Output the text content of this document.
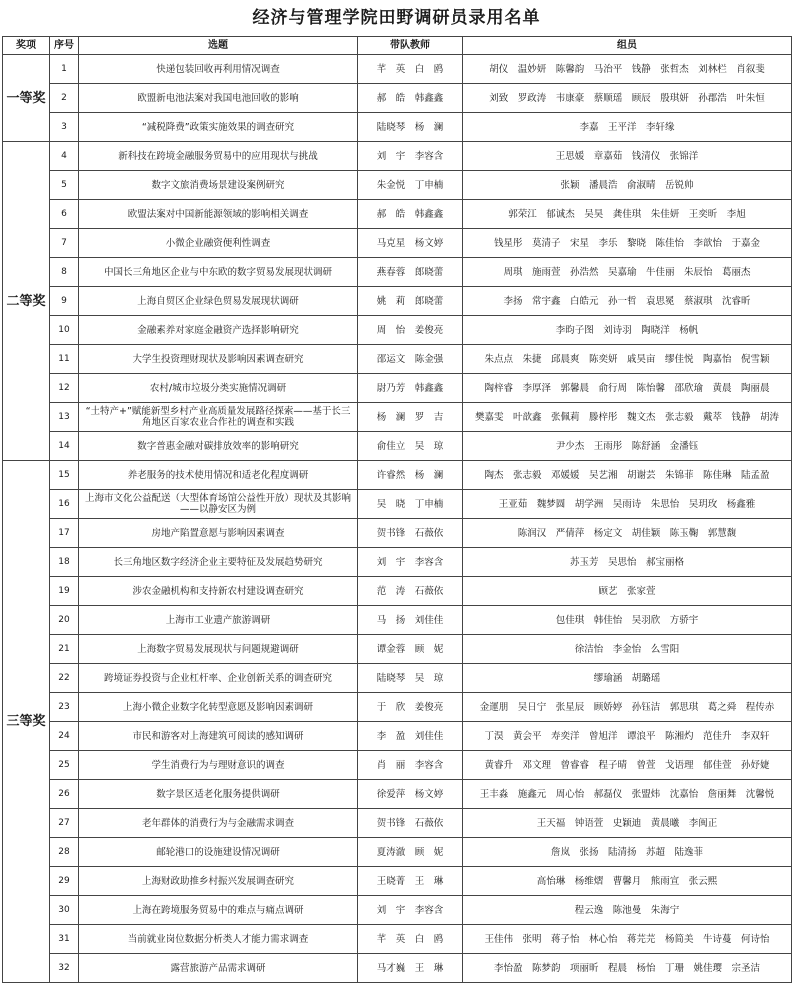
经济与管理学院田野调研员录用名单
奖项	序号	选题	带队教师	组员
一等奖	1	快递包装回收再利用情况调查	芊　英　白　鸥	胡仪　温妙妍　陈馨韵　马治平　钱静　张哲杰　刘林栏　肖叙斐
	2	欧盟新电池法案对我国电池回收的影响	郝　皓　韩鑫鑫	刘致　罗政涛　韦康豪　蔡顺瑶　顾辰　殷琪妍　孙郡浩　叶朱恒
	3	“减税降费”政策实施效果的调查研究	陆晓琴　杨　澜	李嘉　王平洋　李轩缘
二等奖	4	新科技在跨境金融服务贸易中的应用现状与挑战	刘　宇　李容含	王思媛　章嘉茹　钱清仪　张锦洋
	5	数字文旅消费场景建设案例研究	朱金悦　丁申楠	张颖　潘晨浩　俞淑晴　岳锐帅
	6	欧盟法案对中国新能源领域的影响相关调查	郝　皓　韩鑫鑫	郭荣江　郁诚杰　吴昊　龚佳琪　朱佳妍　王奕昕　李旭
	7	小微企业融资便利性调查	马克星　杨文婷	钱星彤　莫清子　宋星　李乐　黎晓　陈佳怡　李歆怡　于嘉金
	8	中国长三角地区企业与中东欧的数字贸易发展现状调研	燕春蓉　郎晓蕾	周琪　施雨萱　孙浩然　吴嘉瑜　牛佳丽　朱辰怡　葛丽杰
	9	上海自贸区企业绿色贸易发展现状调研	姚　莉　郎晓蕾	李扬　常宇鑫　白皓元　孙一哲　袁思冕　蔡淑琪　沈睿昕
	10	金融素养对家庭金融资产选择影响研究	周　怡　姜俊亮	李昀子图　刘诗羽　陶晓洋　杨帆
	11	大学生投资理财现状及影响因素调查研究	邵运文　陈金强	朱点点　朱捷　邱晨爽　陈奕妍　戚昊亩　缪佳悦　陶嘉怡　倪雪颖
	12	农村/城市垃圾分类实施情况调研	尉乃芳　韩鑫鑫	陶梓睿　李厚泽　郭馨晨　俞行周　陈怡馨　邵欣瑜　黄晨　陶丽晨
	13	“土特产+”赋能新型乡村产业高质量发展路径探索——基于长三角地区百家农业合作社的调查和实践	杨　澜　罗　吉	樊嘉雯　叶歆鑫　张佩莉　滕梓彤　魏文杰　张志毅　戴萃　钱静　胡涛
	14	数字普惠金融对碳排放效率的影响研究	俞佳立　吴　琼	尹少杰　王雨彤　陈舒涵　金潘钰
三等奖	15	养老服务的技术使用情况和适老化程度调研	许睿然　杨　澜	陶杰　张志毅　邓媛媛　吴艺湘　胡谢芸　朱锦菲　陈佳琳　陆孟盈
	16	上海市文化公益配送（大型体育场馆公益性开放）现状及其影响——以静安区为例	吴　晓　丁申楠	王亚茹　魏梦圆　胡学洲　吴雨诗　朱思怡　吴玥玫　杨鑫雅
	17	房地产陷置意愿与影响因素调查	贺书锋　石薇依	陈润汉　严倩萍　杨定文　胡佳颖　陈玉鞠　郭慧馥
	18	长三角地区数字经济企业主要特征及发展趋势研究	刘　宇　李容含	苏玉芳　吴思怡　郝宝丽格
	19	涉农金融机构和支持新农村建设调查研究	范　涛　石薇依	顾艺　张家萱
	20	上海市工业遗产旅游调研	马　扬　刘佳佳	包佳琪　韩佳怡　吴羽欣　方骄宇
	21	上海数字贸易发展现状与问题规避调研	谭金蓉　顾　妮	徐洁怡　李金怡　么雪阳
	22	跨境证券投资与企业杠杆率、企业创新关系的调查研究	陆晓琴　吴　琼	缪瑜涵　胡璐瑶
	23	上海小微企业数字化转型意愿及影响因素调研	于　欣　姜俊亮	金運朋　吴日宁　张星辰　顾娇婷　孙钰洁　郭思琪　葛之舜　程传赤
	24	市民和游客对上海建筑可阅读的感知调研	李　盈　刘佳佳	丁淏　黄会平　寿奕洋　曾旭洋　谭浪平　陈湘灼　范佳升　李双轩
	25	学生消费行为与理财意识的调查	肖　丽　李容含	黄睿升　邓文理　曾睿睿　程子晴　曾萱　戈语理　郁佳萱　孙妤婕
	26	数字景区适老化服务提供调研	徐爱萍　杨文婷	王丰淼　施鑫元　周心怡　郝磊仪　张盟炜　沈嘉怡　詹丽舞　沈馨悦
	27	老年群体的消费行为与金融需求调查	贺书锋　石薇依	王天福　钟语萱　史颖迪　黄晨曦　李闽正
	28	邮轮港口的设施建设情况调研	夏涛澈　顾　妮	詹岚　张扬　陆清扬　苏超　陆逸菲
	29	上海财政助推乡村振兴发展调查研究	王晓菁　王　琳	高怡琳　杨维熠　曹馨月　熊雨宣　张云熙
	30	上海在跨境服务贸易中的难点与痛点调研	刘　宇　李容含	程云逸　陈池曼　朱海宁
	31	当前就业岗位数据分析类人才能力需求调查	芊　英　白　鸥	王佳伟　张明　蒋子怡　林心怡　蒋芫芫　杨简美　牛诗蔓　何诗怡
	32	露营旅游产品需求调研	马才巍　王　琳	李怡盈　陈梦韵　项丽昕　程晨　杨怡　丁珊　姚佳璎　宗圣洁
